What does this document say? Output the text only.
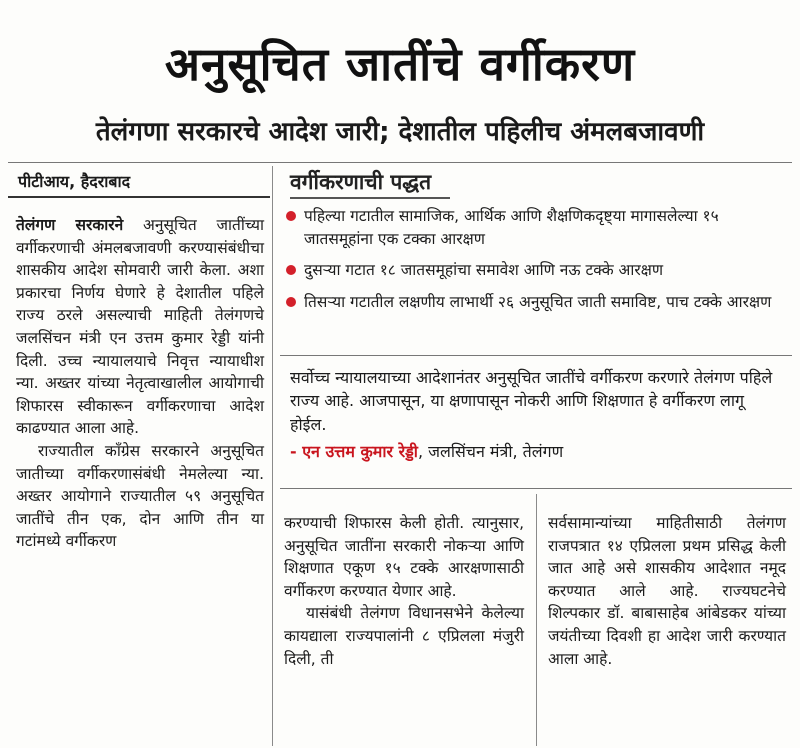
अनुसूचित जातींचे वर्गीकरण
तेलंगणा सरकारचे आदेश जारी; देशातील पहिलीच अंमलबजावणी
पीटीआय, हैदराबाद

तेलंगण सरकारने अनुसूचित जातींच्या वर्गीकरणाची अंमलबजावणी करण्यासंबंधीचा शासकीय आदेश सोमवारी जारी केला. अशा प्रकारचा निर्णय घेणारे हे देशातील पहिले राज्य ठरले असल्याची माहिती तेलंगणचे जलसिंचन मंत्री एन उत्तम कुमार रेड्डी यांनी दिली. उच्च न्यायालयाचे निवृत्त न्यायाधीश न्या. अख्तर यांच्या नेतृत्वाखालील आयोगाची शिफारस स्वीकारून वर्गीकरणाचा आदेश काढण्यात आला आहे.

राज्यातील काँग्रेस सरकारने अनुसूचित जातीच्या वर्गीकरणासंबंधी नेमलेल्या न्या. अख्तर आयोगाने राज्यातील ५९ अनुसूचित जातींचे तीन एक, दोन आणि तीन या गटांमध्ये वर्गीकरण

वर्गीकरणाची पद्धत
पहिल्या गटातील सामाजिक, आर्थिक आणि शैक्षणिकदृष्ट्या मागासलेल्या १५ जातसमूहांना एक टक्का आरक्षण
दुसऱ्या गटात १८ जातसमूहांचा समावेश आणि नऊ टक्के आरक्षण
तिसऱ्या गटातील लक्षणीय लाभार्थी २६ अनुसूचित जाती समाविष्ट, पाच टक्के आरक्षण
सर्वोच्च न्यायालयाच्या आदेशानंतर अनुसूचित जातींचे वर्गीकरण करणारे तेलंगण पहिले राज्य आहे. आजपासून, या क्षणापासून नोकरी आणि शिक्षणात हे वर्गीकरण लागू होईल.
- एन उत्तम कुमार रेड्डी, जलसिंचन मंत्री, तेलंगण

करण्याची शिफारस केली होती. त्यानुसार, अनुसूचित जातींना सरकारी नोकऱ्या आणि शिक्षणात एकूण १५ टक्के आरक्षणासाठी वर्गीकरण करण्यात येणार आहे.

यासंबंधी तेलंगण विधानसभेने केलेल्या कायद्याला राज्यपालांनी ८ एप्रिलला मंजुरी दिली, ती

सर्वसामान्यांच्या माहितीसाठी तेलंगण राजपत्रात १४ एप्रिलला प्रथम प्रसिद्ध केली जात आहे असे शासकीय आदेशात नमूद करण्यात आले आहे. राज्यघटनेचे शिल्पकार डॉ. बाबासाहेब आंबेडकर यांच्या जयंतीच्या दिवशी हा आदेश जारी करण्यात आला आहे.
